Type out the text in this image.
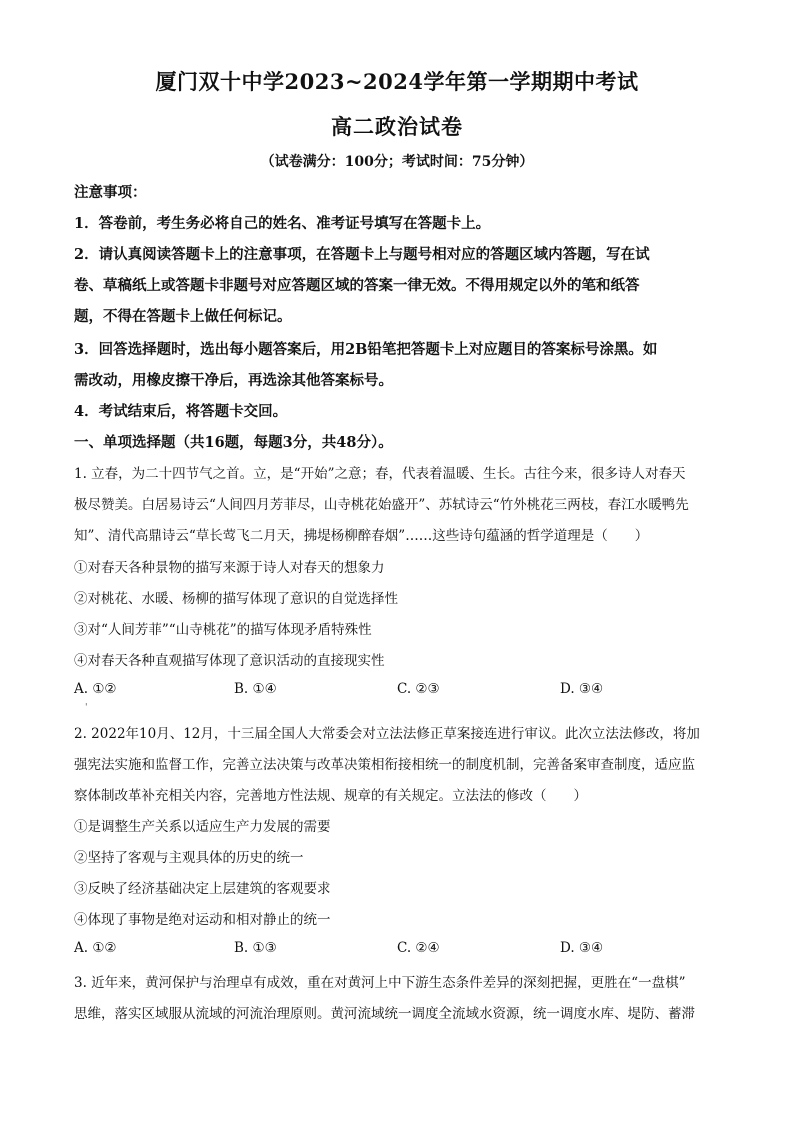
厦门双十中学2023~2024学年第一学期期中考试
高二政治试卷
（试卷满分：100分；考试时间：75分钟）
注意事项：
1．答卷前，考生务必将自己的姓名、准考证号填写在答题卡上。
2．请认真阅读答题卡上的注意事项，在答题卡上与题号相对应的答题区域内答题，写在试
卷、草稿纸上或答题卡非题号对应答题区域的答案一律无效。不得用规定以外的笔和纸答
题，不得在答题卡上做任何标记。
3．回答选择题时，选出每小题答案后，用2B铅笔把答题卡上对应题目的答案标号涂黑。如
需改动，用橡皮擦干净后，再选涂其他答案标号。
4．考试结束后，将答题卡交回。
一、单项选择题（共16题，每题3分，共48分）。
1. 立春，为二十四节气之首。立，是“开始”之意；春，代表着温暖、生长。古往今来，很多诗人对春天
极尽赞美。白居易诗云“人间四月芳菲尽，山寺桃花始盛开”、苏轼诗云“竹外桃花三两枝，春江水暖鸭先
知”、清代高鼎诗云“草长莺飞二月天，拂堤杨柳醉春烟”……这些诗句蕴涵的哲学道理是（　　）
①对春天各种景物的描写来源于诗人对春天的想象力
②对桃花、水暖、杨柳的描写体现了意识的自觉选择性
③对“人间芳菲”“山寺桃花”的描写体现矛盾特殊性
④对春天各种直观描写体现了意识活动的直接现实性
A. ①②	B. ①④	C. ②③	D. ③④
'
2. 2022年10月、12月，十三届全国人大常委会对立法法修正草案接连进行审议。此次立法法修改，将加
强宪法实施和监督工作，完善立法决策与改革决策相衔接相统一的制度机制，完善备案审查制度，适应监
察体制改革补充相关内容，完善地方性法规、规章的有关规定。立法法的修改（　　）
①是调整生产关系以适应生产力发展的需要
②坚持了客观与主观具体的历史的统一
③反映了经济基础决定上层建筑的客观要求
④体现了事物是绝对运动和相对静止的统一
A. ①②	B. ①③	C. ②④	D. ③④
3. 近年来，黄河保护与治理卓有成效，重在对黄河上中下游生态条件差异的深刻把握，更胜在“一盘棋”
思维，落实区域服从流域的河流治理原则。黄河流域统一调度全流域水资源，统一调度水库、堤防、蓄滞
